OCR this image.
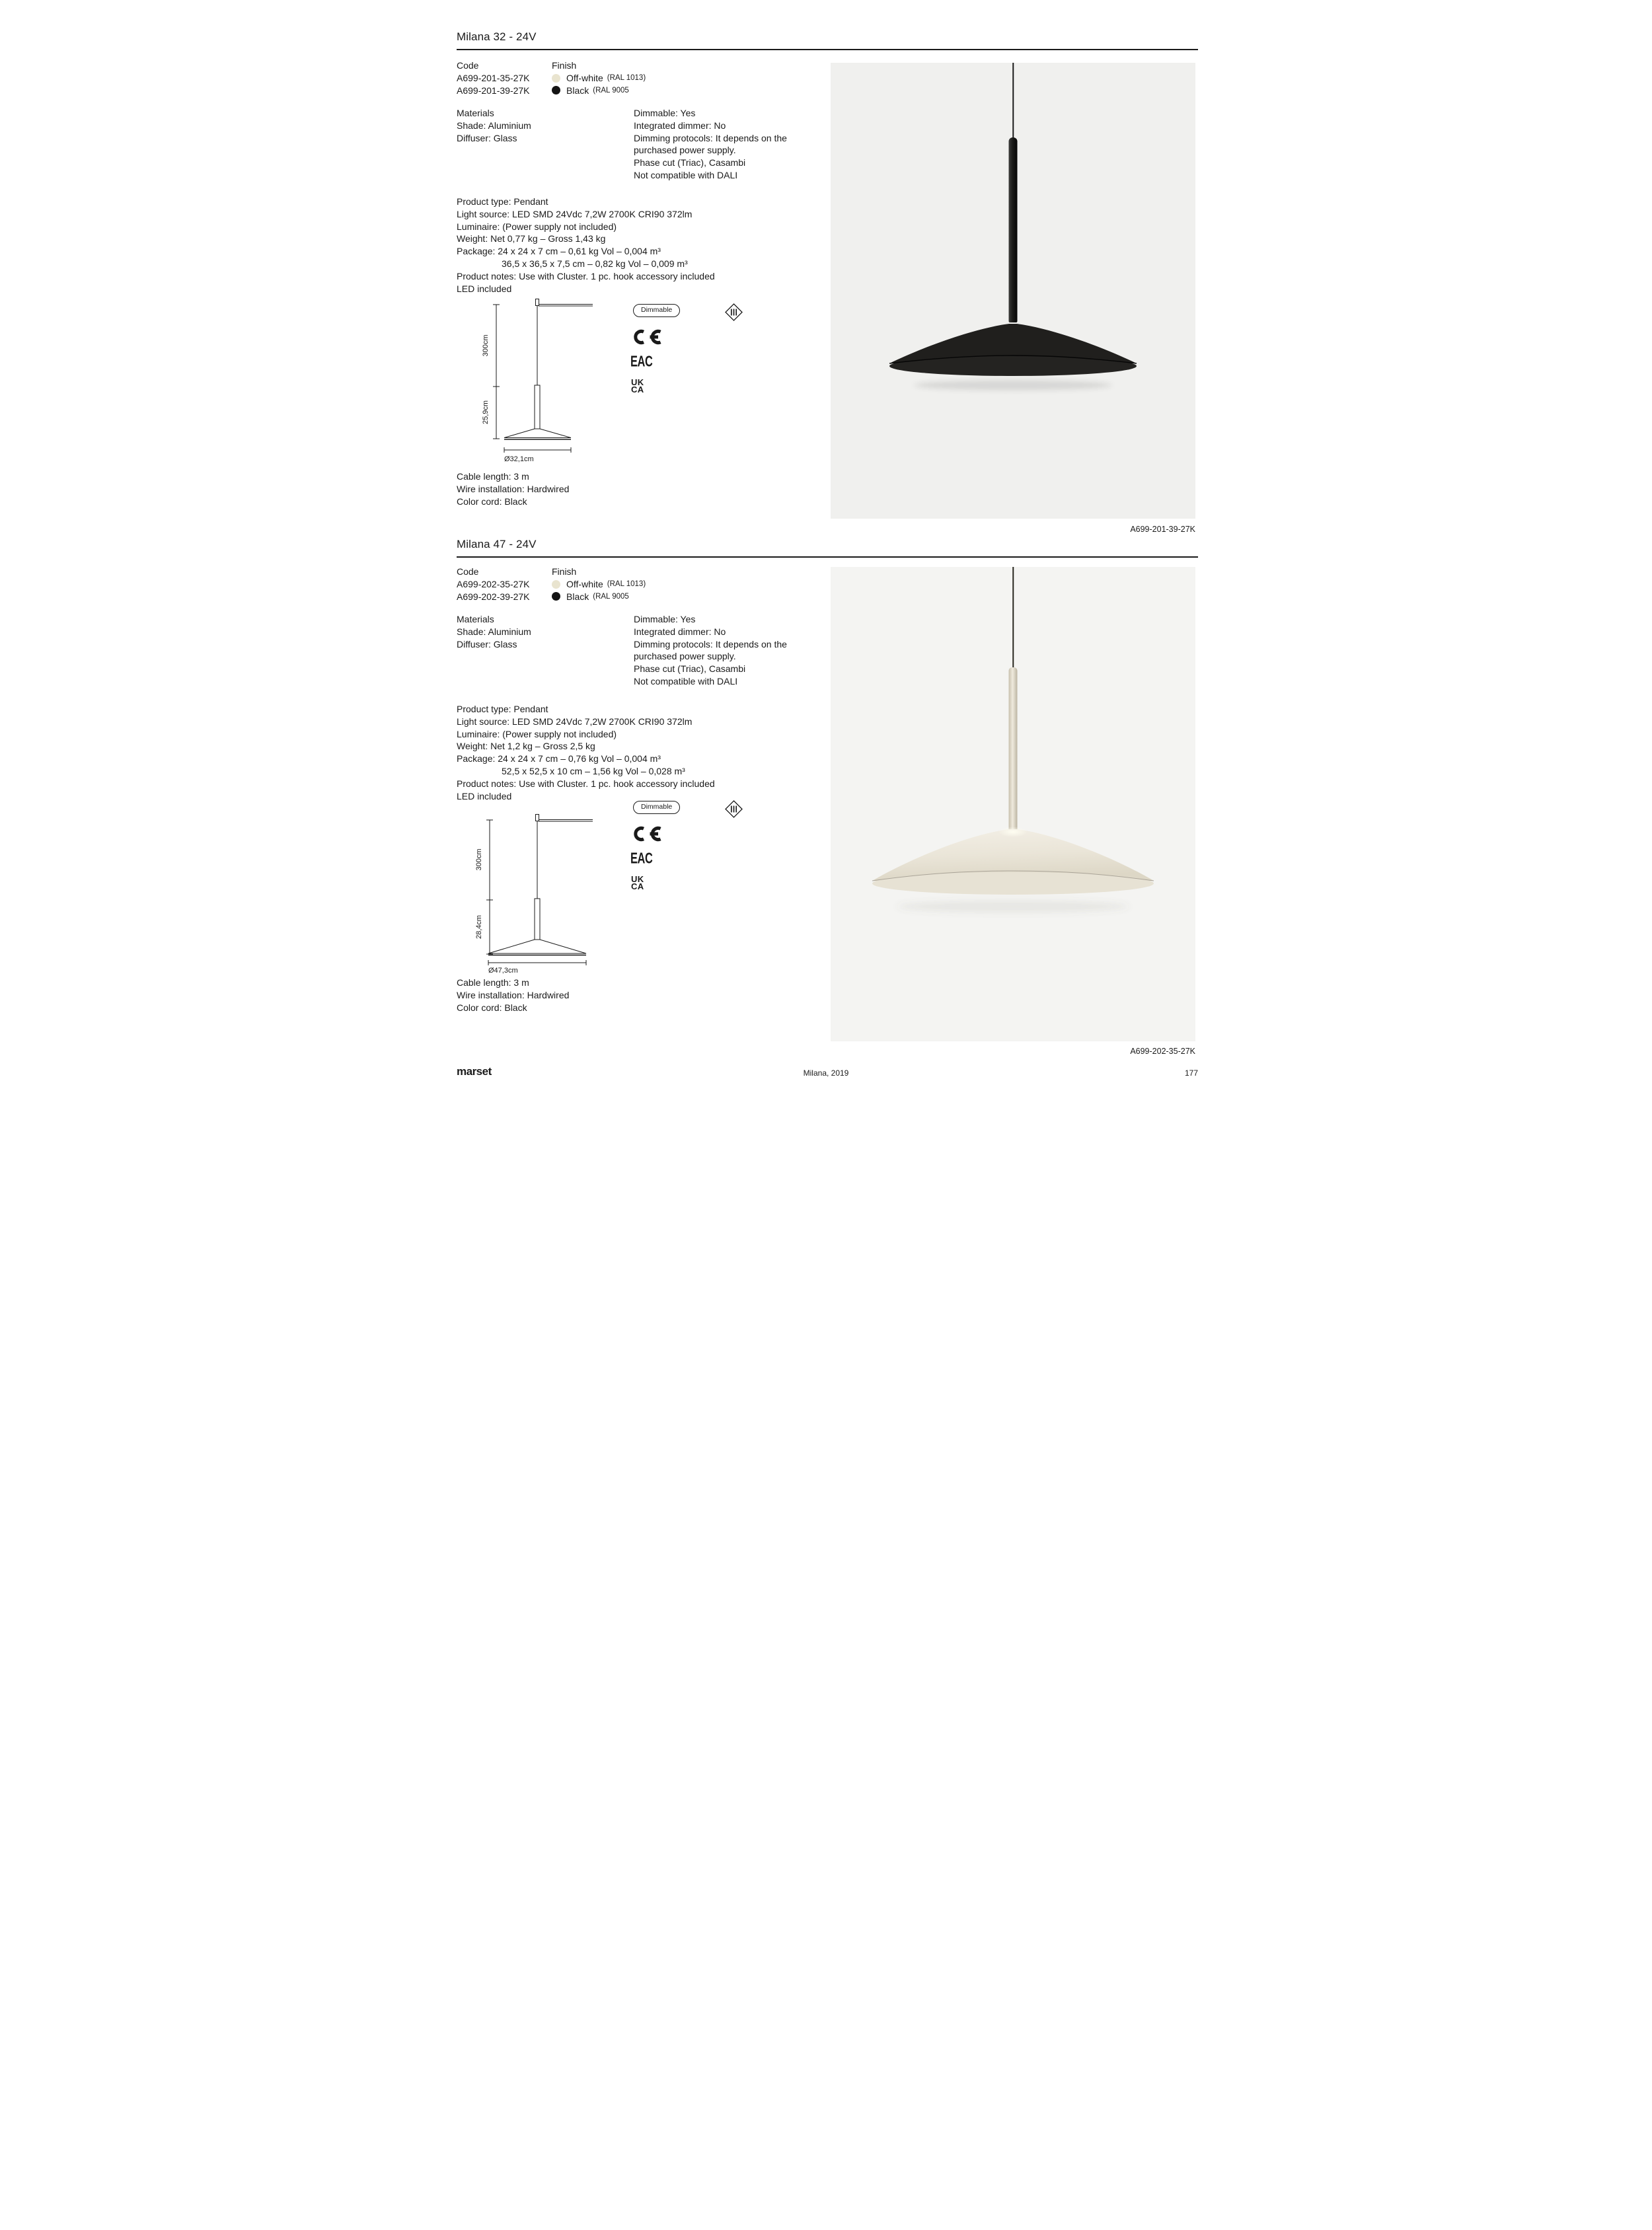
Milana 32 - 24V
Code	Finish
A699-201-35-27K	Off-white (RAL 1013)
A699-201-39-27K	Black (RAL 9005
Materials
Shade: Aluminium
Diffuser: Glass
Dimmable: Yes
Integrated dimmer: No
Dimming protocols: It depends on the
purchased power supply.
Phase cut (Triac), Casambi
Not compatible with DALI
Product type: Pendant
Light source: LED SMD 24Vdc 7,2W 2700K CRI90 372lm
Luminaire: (Power supply not included)
Weight: Net 0,77 kg – Gross 1,43 kg
Package: 24 x 24 x 7 cm – 0,61 kg Vol – 0,004 m³
36,5 x 36,5 x 7,5 cm – 0,82 kg Vol – 0,009 m³
Product notes: Use with Cluster. 1 pc. hook accessory included
LED included
300cm
25,9cm
Ø32,1cm
Dimmable
EAC
UK
CA
Cable length: 3 m
Wire installation: Hardwired
Color cord: Black
A699-201-39-27K
Milana 47 - 24V
Code	Finish
A699-202-35-27K	Off-white (RAL 1013)
A699-202-39-27K	Black (RAL 9005
Materials
Shade: Aluminium
Diffuser: Glass
Dimmable: Yes
Integrated dimmer: No
Dimming protocols: It depends on the
purchased power supply.
Phase cut (Triac), Casambi
Not compatible with DALI
Product type: Pendant
Light source: LED SMD 24Vdc 7,2W 2700K CRI90 372lm
Luminaire: (Power supply not included)
Weight: Net 1,2 kg – Gross 2,5 kg
Package: 24 x 24 x 7 cm – 0,76 kg Vol – 0,004 m³
52,5 x 52,5 x 10 cm – 1,56 kg Vol – 0,028 m³
Product notes: Use with Cluster. 1 pc. hook accessory included
LED included
300cm
28,4cm
Ø47,3cm
Dimmable
EAC
UK
CA
Cable length: 3 m
Wire installation: Hardwired
Color cord: Black
A699-202-35-27K
marset	Milana, 2019	177
